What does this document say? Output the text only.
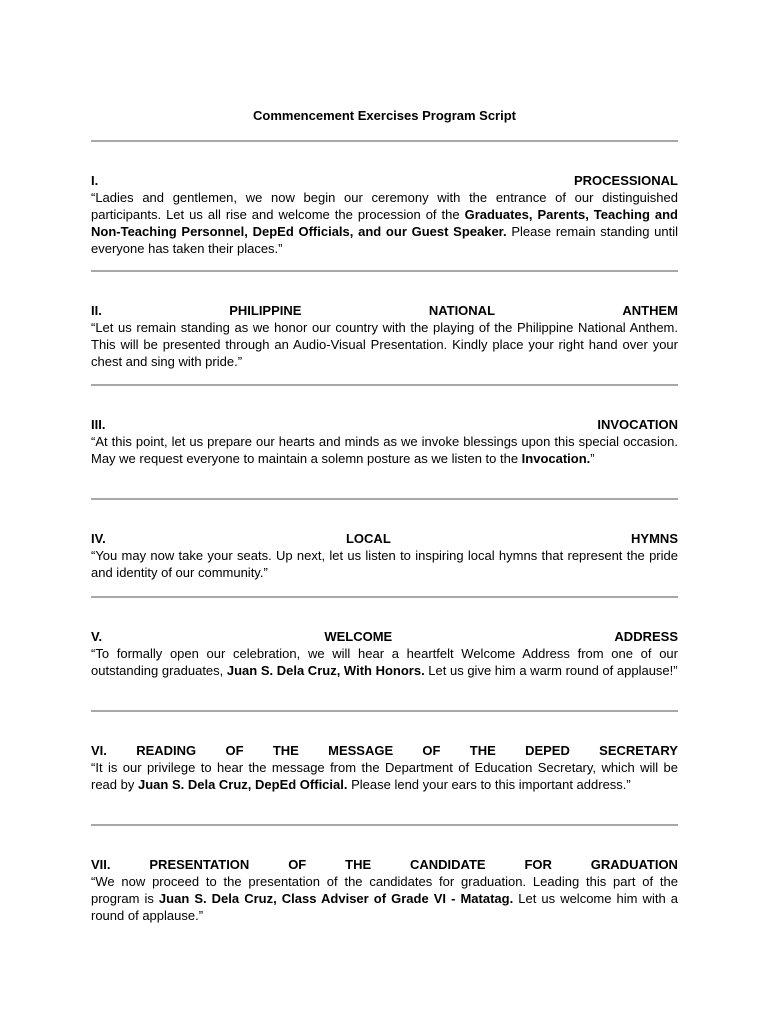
Commencement Exercises Program Script
I.	PROCESSIONAL
“Ladies and gentlemen, we now begin our ceremony with the entrance of our distinguished participants. Let us all rise and welcome the procession of the Graduates, Parents, Teaching and Non-Teaching Personnel, DepEd Officials, and our Guest Speaker. Please remain standing until everyone has taken their places.”
II.	PHILIPPINE	NATIONAL	ANTHEM
“Let us remain standing as we honor our country with the playing of the Philippine National Anthem. This will be presented through an Audio-Visual Presentation. Kindly place your right hand over your chest and sing with pride.”
III.	INVOCATION
“At this point, let us prepare our hearts and minds as we invoke blessings upon this special occasion. May we request everyone to maintain a solemn posture as we listen to the Invocation.”
IV.	LOCAL	HYMNS
“You may now take your seats. Up next, let us listen to inspiring local hymns that represent the pride and identity of our community.”
V.	WELCOME	ADDRESS
“To formally open our celebration, we will hear a heartfelt Welcome Address from one of our outstanding graduates, Juan S. Dela Cruz, With Honors. Let us give him a warm round of applause!”
VI. READING OF THE MESSAGE OF THE DEPED SECRETARY
“It is our privilege to hear the message from the Department of Education Secretary, which will be read by Juan S. Dela Cruz, DepEd Official. Please lend your ears to this important address.”
VII.	PRESENTATION	OF	THE	CANDIDATE	FOR	GRADUATION
“We now proceed to the presentation of the candidates for graduation. Leading this part of the program is Juan S. Dela Cruz, Class Adviser of Grade VI - Matatag. Let us welcome him with a round of applause.”
